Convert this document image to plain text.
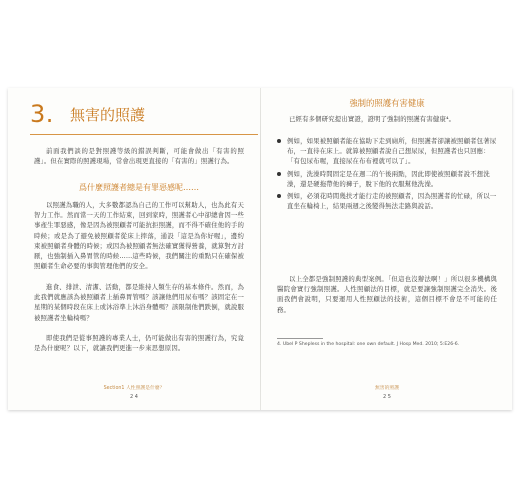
3. 無害的照護

前面我們談的是對照護等級的錯誤判斷，可能會做出「有害的照護」。但在實際的照護現場，常會出現更直接的「有害的」照護行為。

爲什麼照護者總是有罪惡感呢……

以照護為職的人，大多數都認為自己的工作可以幫助人，也為此有天智力工作。然而當一天的工作結束，回到家時，照護者心中卻總會因一些事產生罪惡感，像是因為被照顧者可能抗拒照護，而不得不確住他的手的時候；或是為了避免被照顧者從床上摔落，通設「這是為你好喔」，邊約束被照顧者身體的時候；或因為被照顧者無法確實獲得營養，就算對方討厭，也強制插入鼻胃管的時候……這些時候，我們關注的重點只在確保被照顧者生命必要的事與管理他們的安全。

進食、排泄、清潔、活動，都是維持人類生存的基本條件。然而，為此我們就應該為被照顧者上插鼻胃管嗎？該讓他們用尿布嗎？該固定在一星期的某個時段在床上或沐浴準上沐浴身體嗎？該限制他們跌倒，就說服被照護者坐輪椅嗎？

即使我們是從事照護的專業人士，仍可能做出有害的照護行為，究竟是為什麼呢？以下，就讓我們更進一步來思想原因。

Section1 人性照護是什麼？
2 4
強制的照護有害健康

已經有多個研究提出實證，證明了強制的照護有害健康⁴。

例如，如果被照顧者能在協助下走到廁所，但照護者卻讓被照顧者包著尿布，一直待在床上。就算被照顧者說自己想尿尿，但照護者也只回應：「有包尿布喔，直接尿在布布裡就可以了」。
例如，洗澡時間固定是在週二的午後兩點，因此即使被照顧者說不想洗澡，還是硬拖帶他的褲子，脫下他的衣服幫他洗澡。
例如，必須花時間幾扶才能行走的被照顧者，因為照護者的忙碌，所以一直坐在輪椅上，結果兩週之後變得無法走路與說話。

以上全都是強制照護的典型案例。「但這也沒辦法啊！」所以很多機構與醫院會實行強制照護。人性照顧法的目標，就是要讓強制照護完全消失。後面我們會說明，只要運用人性照顧法的技術，這個目標不會是不可能的任務。

4. Ubel P Shepless in the hospital: one own default. J Hosp Med. 2010; 5:E26-6.
無害的照護
2 5
